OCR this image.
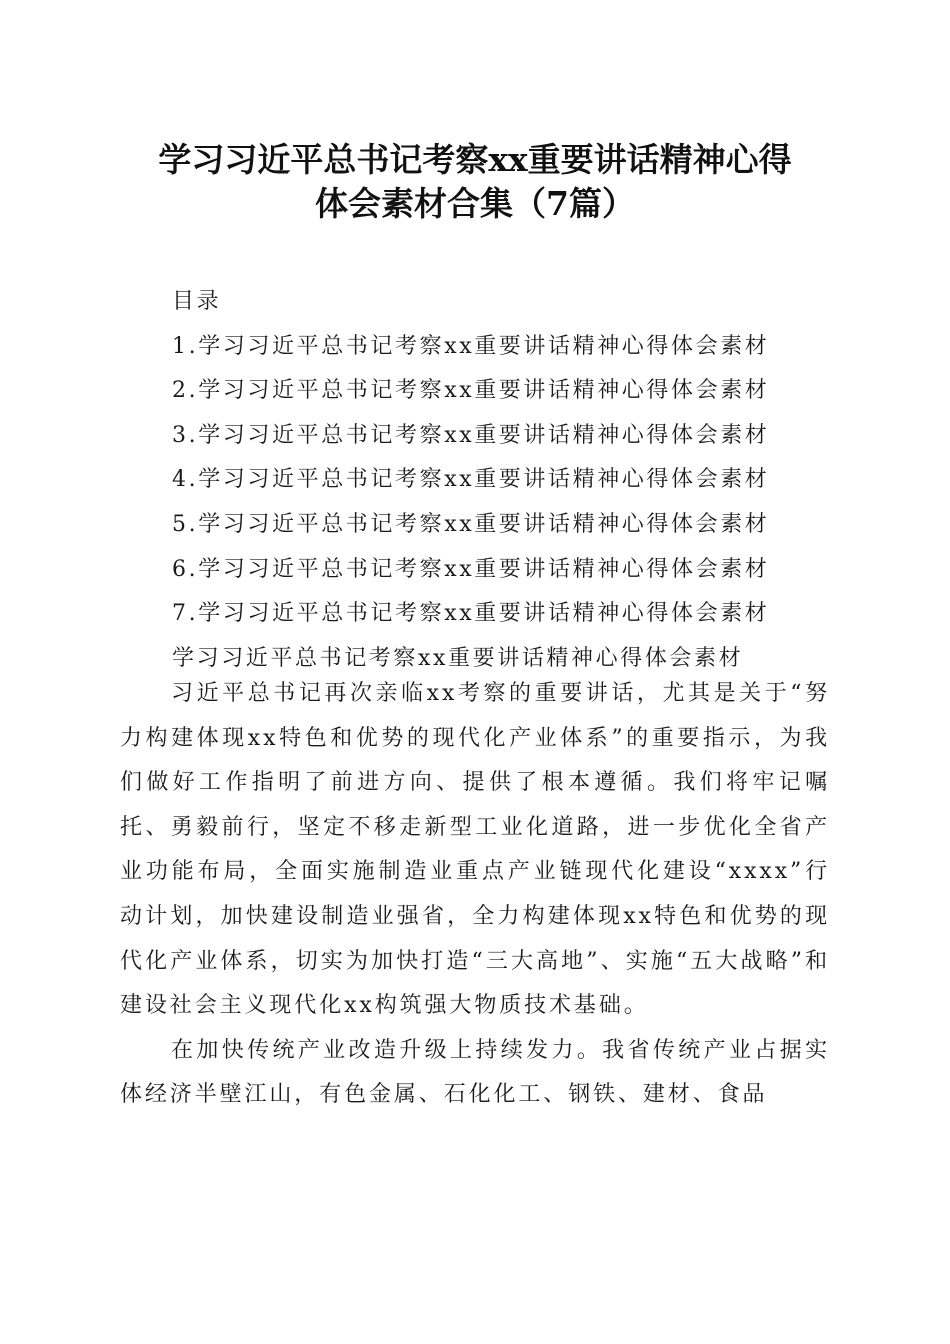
学习习近平总书记考察xx重要讲话精神心得
体会素材合集（7篇）
目录
1.学习习近平总书记考察xx重要讲话精神心得体会素材
2.学习习近平总书记考察xx重要讲话精神心得体会素材
3.学习习近平总书记考察xx重要讲话精神心得体会素材
4.学习习近平总书记考察xx重要讲话精神心得体会素材
5.学习习近平总书记考察xx重要讲话精神心得体会素材
6.学习习近平总书记考察xx重要讲话精神心得体会素材
7.学习习近平总书记考察xx重要讲话精神心得体会素材
学习习近平总书记考察xx重要讲话精神心得体会素材

习近平总书记再次亲临xx考察的重要讲话，尤其是关于“努力构建体现xx特色和优势的现代化产业体系”的重要指示，为我们做好工作指明了前进方向、提供了根本遵循。我们将牢记嘱托、勇毅前行，坚定不移走新型工业化道路，进一步优化全省产业功能布局，全面实施制造业重点产业链现代化建设“xxxx”行动计划，加快建设制造业强省，全力构建体现xx特色和优势的现代化产业体系，切实为加快打造“三大高地”、实施“五大战略”和建设社会主义现代化xx构筑强大物质技术基础。

在加快传统产业改造升级上持续发力。我省传统产业占据实体经济半壁江山，有色金属、石化化工、钢铁、建材、食品
